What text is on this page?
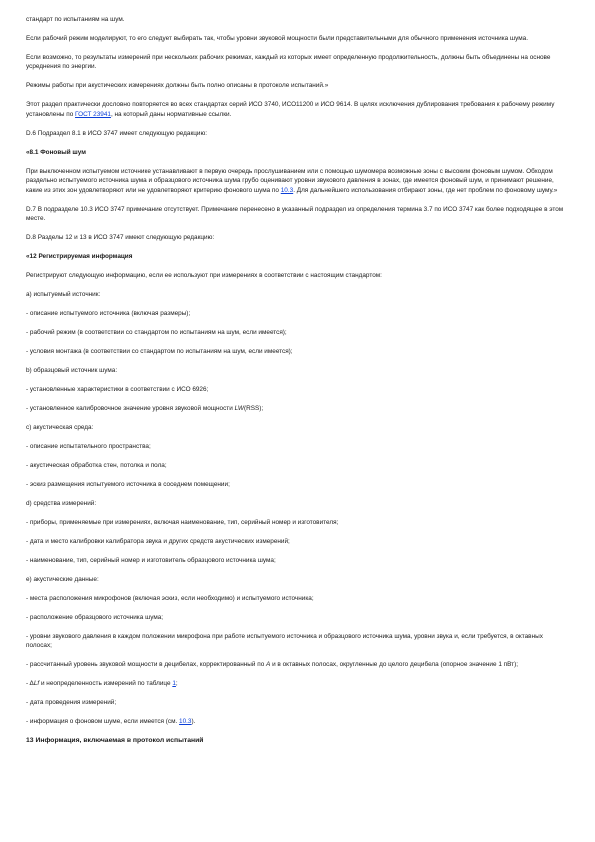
стандарт по испытаниям на шум.

Если рабочий режим моделируют, то его следует выбирать так, чтобы уровни звуковой мощности были представительными для обычного применения источника шума.

Если возможно, то результаты измерений при нескольких рабочих режимах, каждый из которых имеет определенную продолжительность, должны быть объединены на основе усреднения по энергии.

Режимы работы при акустических измерениях должны быть полно описаны в протоколе испытаний.»

Этот раздел практически дословно повторяется во всех стандартах серий ИСО 3740, ИСО11200 и ИСО 9614. В целях исключения дублирования требования к рабочему режиму установлены по ГОСТ 23941, на который даны нормативные ссылки.

D.6 Подраздел 8.1 в ИСО 3747 имеет следующую редакцию:

«8.1 Фоновый шум

При выключенном испытуемом источнике устанавливают в первую очередь прослушиванием или с помощью шумомера возможные зоны с высоким фоновым шумом. Обходом раздельно испытуемого источника шума и образцового источника шума грубо оценивают уровни звукового давления в зонах, где имеется фоновый шум, и принимают решение, какие из этих зон удовлетворяют или не удовлетворяют критерию фонового шума по 10.3. Для дальнейшего использования отбирают зоны, где нет проблем по фоновому шуму.»

D.7 В подразделе 10.3 ИСО 3747 примечание отсутствует. Примечание перенесено в указанный подраздел из определения термина 3.7 по ИСО 3747 как более подходящее в этом месте.

D.8 Разделы 12 и 13 в ИСО 3747 имеют следующую редакцию:

«12 Регистрируемая информация

Регистрируют следующую информацию, если ее используют при измерениях в соответствии с настоящим стандартом:

а) испытуемый источник:

- описание испытуемого источника (включая размеры);

- рабочий режим (в соответствии со стандартом по испытаниям на шум, если имеется);

- условия монтажа (в соответствии со стандартом по испытаниям на шум, если имеется);

b) образцовый источник шума:

- установленные характеристики в соответствии с ИСО 6926;

- установленное калибровочное значение уровня звуковой мощности LW(RSS);

c) акустическая среда:

- описание испытательного пространства;

- акустическая обработка стен, потолка и пола;

- эскиз размещения испытуемого источника в соседнем помещении;

d) средства измерений:

- приборы, применяемые при измерениях, включая наименование, тип, серийный номер и изготовителя;

- дата и место калибровки калибратора звука и других средств акустических измерений;

- наименование, тип, серийный номер и изготовитель образцового источника шума;

e) акустические данные:

- места расположения микрофонов (включая эскиз, если необходимо) и испытуемого источника;

- расположение образцового источника шума;

- уровни звукового давления в каждом положении микрофона при работе испытуемого источника и образцового источника шума, уровни звука и, если требуется, в октавных полосах;

- рассчитанный уровень звуковой мощности в децибелах, корректированный по А и в октавных полосах, округленные до целого децибела (опорное значение 1 пВт);

- ΔLf и неопределенность измерений по таблице 1;

- дата проведения измерений;

- информация о фоновом шуме, если имеется (см. 10.3).

13 Информация, включаемая в протокол испытаний
